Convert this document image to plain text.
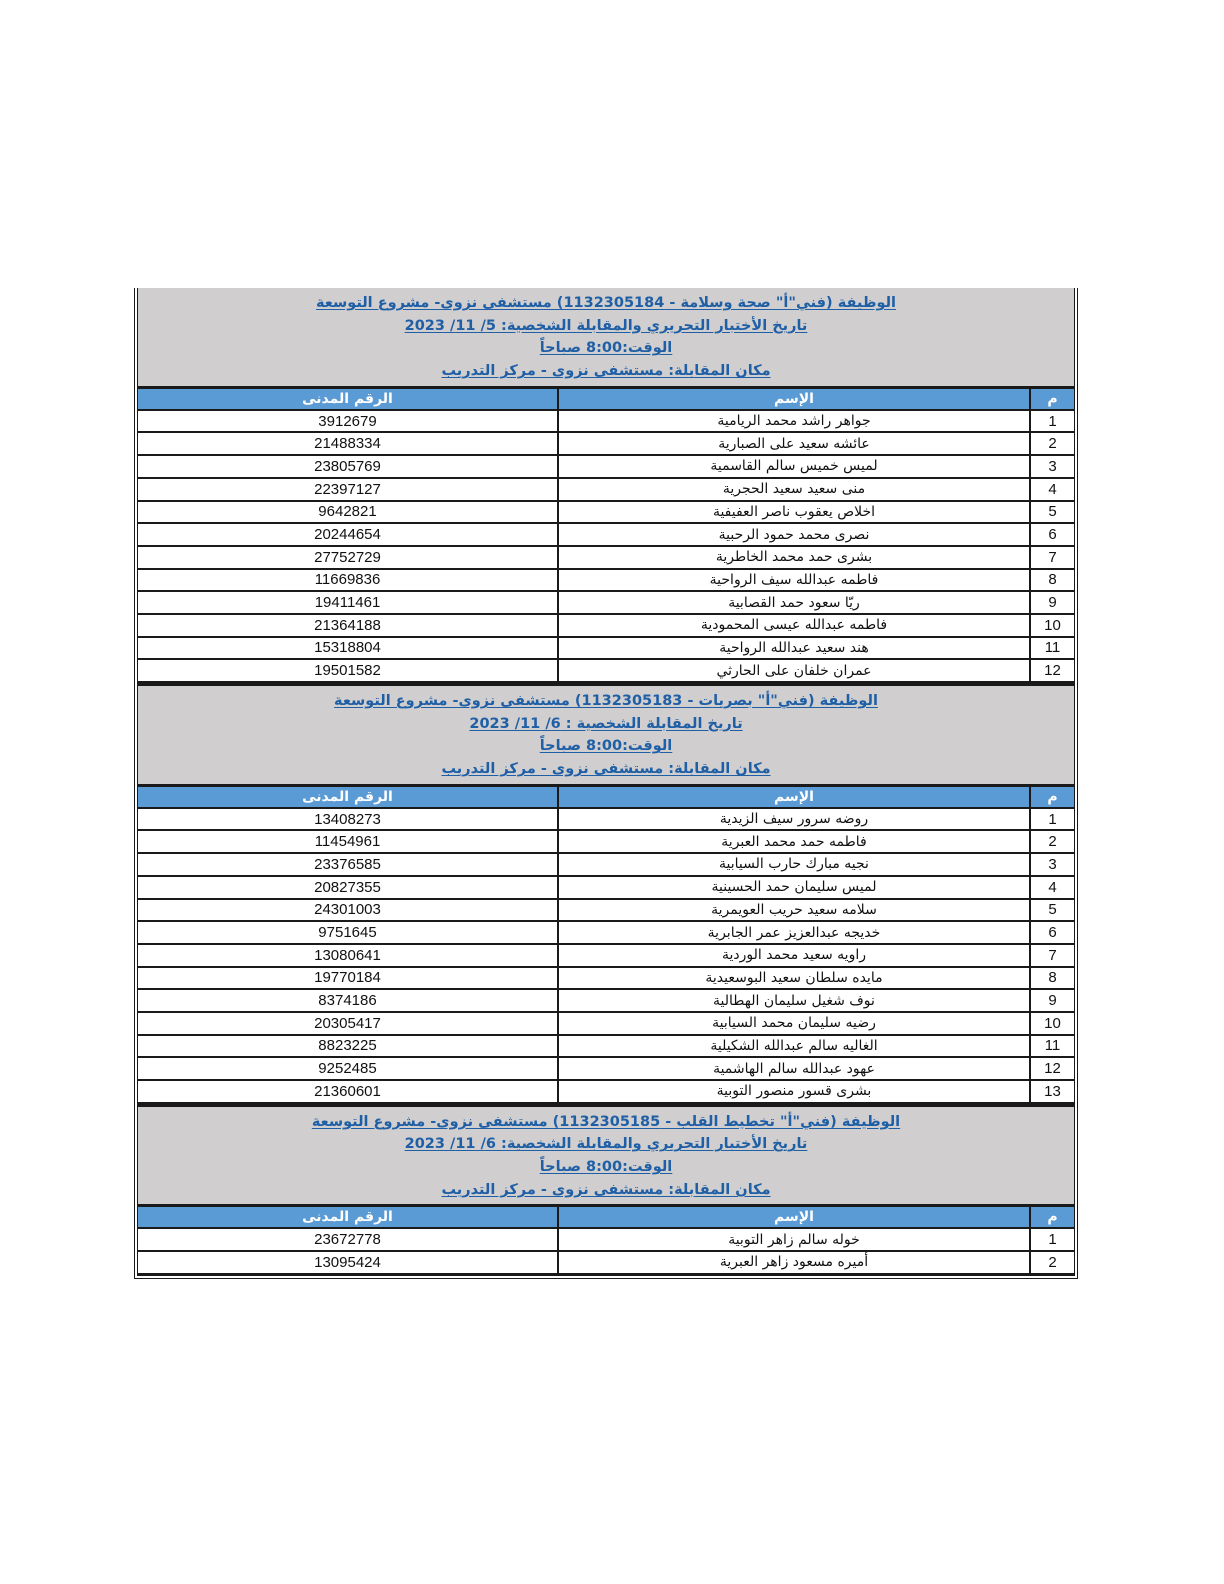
الوظيفة (فني"أ" صحة وسلامة - 1132305184) مستشفى نزوى- مشروع التوسعة
تاريخ الأختبار التحريري والمقابلة الشخصية: 5/ 11/ 2023
الوقت:8:00 صباحاً
مكان المقابلة: مستشفى نزوى - مركز التدريب
م	الإسم	الرقم المدنى
1	جواهر راشد محمد الريامية	3912679
2	عائشه سعيد على الصبارية	21488334
3	لميس خميس سالم القاسمية	23805769
4	منى سعيد سعيد الحجرية	22397127
5	اخلاص يعقوب ناصر العفيفية	9642821
6	نصرى محمد حمود الرحبية	20244654
7	بشرى حمد محمد الخاطرية	27752729
8	فاطمه عبدالله سيف الرواحية	11669836
9	ريّا سعود حمد القصابية	19411461
10	فاطمه عبدالله عيسى المحمودية	21364188
11	هند سعيد عبدالله الرواحية	15318804
12	عمران خلفان على الحارثي	19501582
الوظيفة (فني"أ" بصريات - 1132305183) مستشفى نزوى- مشروع التوسعة
تاريخ المقابلة الشخصية : 6/ 11/ 2023
الوقت:8:00 صباحاً
مكان المقابلة: مستشفى نزوى - مركز التدريب
م	الإسم	الرقم المدنى
1	روضه سرور سيف الزيدية	13408273
2	فاطمه حمد محمد العبرية	11454961
3	نجيه مبارك حارب السيابية	23376585
4	لميس سليمان حمد الحسينية	20827355
5	سلامه سعيد حريب العويمرية	24301003
6	خديجه عبدالعزيز عمر الجابرية	9751645
7	راويه سعيد محمد الوردية	13080641
8	مايده سلطان سعيد البوسعيدية	19770184
9	نوف شغيل سليمان الهطالية	8374186
10	رضيه سليمان محمد السيابية	20305417
11	الغاليه سالم عبدالله الشكيلية	8823225
12	عهود عبدالله سالم الهاشمية	9252485
13	بشرى قسور منصور التوبية	21360601
الوظيفة (فني"أ" تخطيط القلب - 1132305185) مستشفى نزوى- مشروع التوسعة
تاريخ الأختبار التحريري والمقابلة الشخصية: 6/ 11/ 2023
الوقت:8:00 صباحاً
مكان المقابلة: مستشفى نزوى - مركز التدريب
م	الإسم	الرقم المدنى
1	خوله سالم زاهر التوبية	23672778
2	أميره مسعود زاهر العبرية	13095424
